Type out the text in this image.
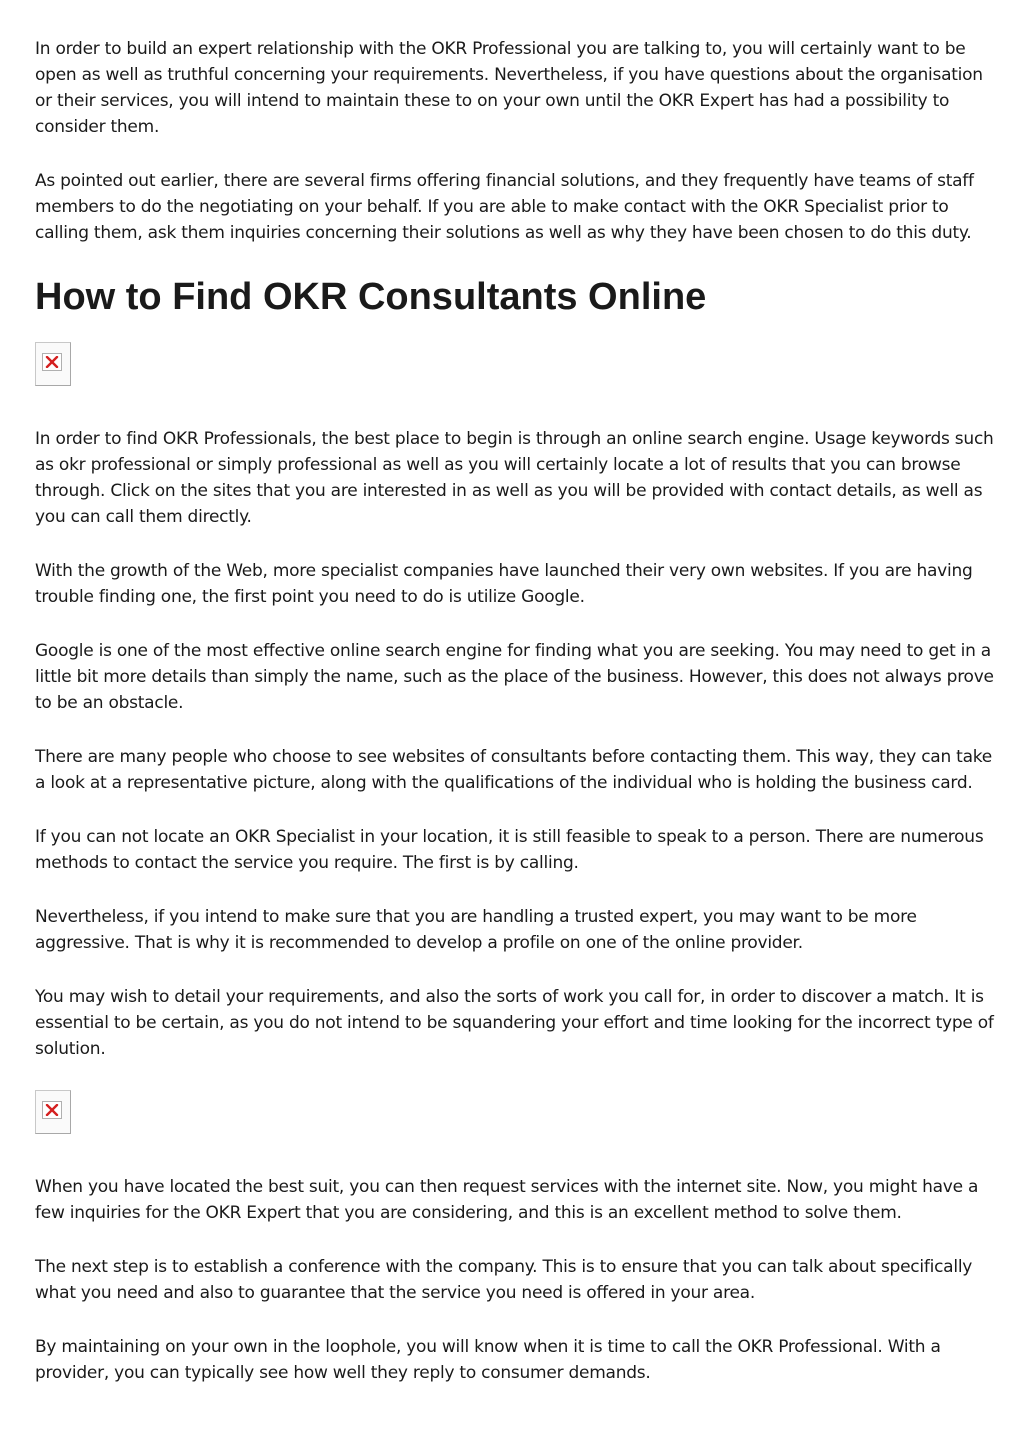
In order to build an expert relationship with the OKR Professional you are talking to, you will certainly want to be open as well as truthful concerning your requirements. Nevertheless, if you have questions about the organisation or their services, you will intend to maintain these to on your own until the OKR Expert has had a possibility to consider them.

As pointed out earlier, there are several firms offering financial solutions, and they frequently have teams of staff members to do the negotiating on your behalf. If you are able to make contact with the OKR Specialist prior to calling them, ask them inquiries concerning their solutions as well as why they have been chosen to do this duty.

How to Find OKR Consultants Online

In order to find OKR Professionals, the best place to begin is through an online search engine. Usage keywords such as okr professional or simply professional as well as you will certainly locate a lot of results that you can browse through. Click on the sites that you are interested in as well as you will be provided with contact details, as well as you can call them directly.

With the growth of the Web, more specialist companies have launched their very own websites. If you are having trouble finding one, the first point you need to do is utilize Google.

Google is one of the most effective online search engine for finding what you are seeking. You may need to get in a little bit more details than simply the name, such as the place of the business. However, this does not always prove to be an obstacle.

There are many people who choose to see websites of consultants before contacting them. This way, they can take a look at a representative picture, along with the qualifications of the individual who is holding the business card.

If you can not locate an OKR Specialist in your location, it is still feasible to speak to a person. There are numerous methods to contact the service you require. The first is by calling.

Nevertheless, if you intend to make sure that you are handling a trusted expert, you may want to be more aggressive. That is why it is recommended to develop a profile on one of the online provider.

You may wish to detail your requirements, and also the sorts of work you call for, in order to discover a match. It is essential to be certain, as you do not intend to be squandering your effort and time looking for the incorrect type of solution.

When you have located the best suit, you can then request services with the internet site. Now, you might have a few inquiries for the OKR Expert that you are considering, and this is an excellent method to solve them.

The next step is to establish a conference with the company. This is to ensure that you can talk about specifically what you need and also to guarantee that the service you need is offered in your area.

By maintaining on your own in the loophole, you will know when it is time to call the OKR Professional. With a provider, you can typically see how well they reply to consumer demands.
